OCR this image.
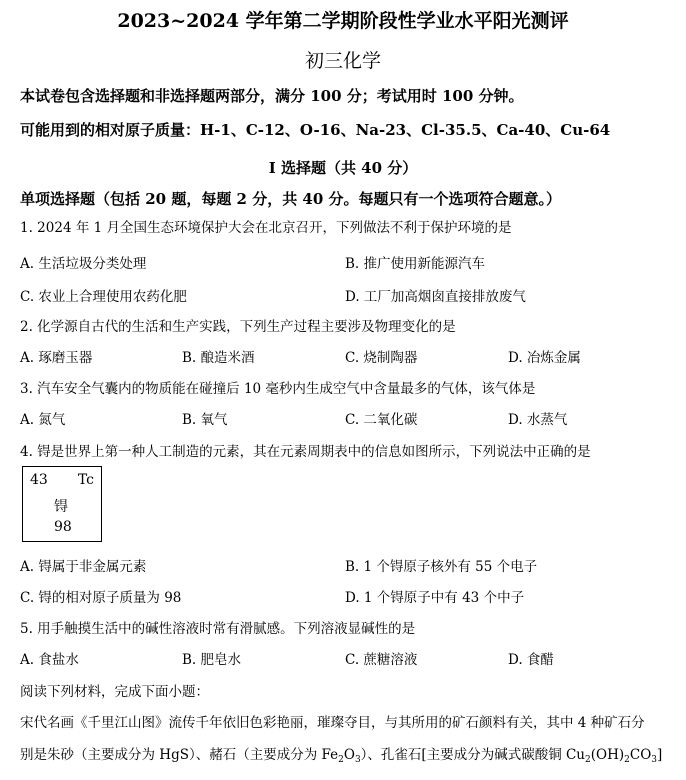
2023~2024 学年第二学期阶段性学业水平阳光测评
初三化学
本试卷包含选择题和非选择题两部分，满分 100 分；考试用时 100 分钟。
可能用到的相对原子质量：H-1、C-12、O-16、Na-23、Cl-35.5、Ca-40、Cu-64
Ⅰ 选择题（共 40 分）
单项选择题（包括 20 题，每题 2 分，共 40 分。每题只有一个选项符合题意。）
1. 2024 年 1 月全国生态环境保护大会在北京召开，下列做法不利于保护环境的是
A. 生活垃圾分类处理	B. 推广使用新能源汽车
C. 农业上合理使用农药化肥	D. 工厂加高烟囱直接排放废气
2. 化学源自古代的生活和生产实践，下列生产过程主要涉及物理变化的是
A. 琢磨玉器	B. 酿造米酒	C. 烧制陶器	D. 冶炼金属
3. 汽车安全气囊内的物质能在碰撞后 10 毫秒内生成空气中含量最多的气体，该气体是
A. 氮气	B. 氧气	C. 二氧化碳	D. 水蒸气
4. 锝是世界上第一种人工制造的元素，其在元素周期表中的信息如图所示，下列说法中正确的是
43 Tc
锝
98
A. 锝属于非金属元素	B. 1 个锝原子核外有 55 个电子
C. 锝的相对原子质量为 98	D. 1 个锝原子中有 43 个中子
5. 用手触摸生活中的碱性溶液时常有滑腻感。下列溶液显碱性的是
A. 食盐水	B. 肥皂水	C. 蔗糖溶液	D. 食醋
阅读下列材料，完成下面小题：
宋代名画《千里江山图》流传千年依旧色彩艳丽，璀璨夺目，与其所用的矿石颜料有关，其中 4 种矿石分
别是朱砂（主要成分为 HgS）、赭石（主要成分为 $Fe_2O_3$）、孔雀石[主要成分为碱式碳酸铜 $Cu_2(OH)_2CO_3$]
